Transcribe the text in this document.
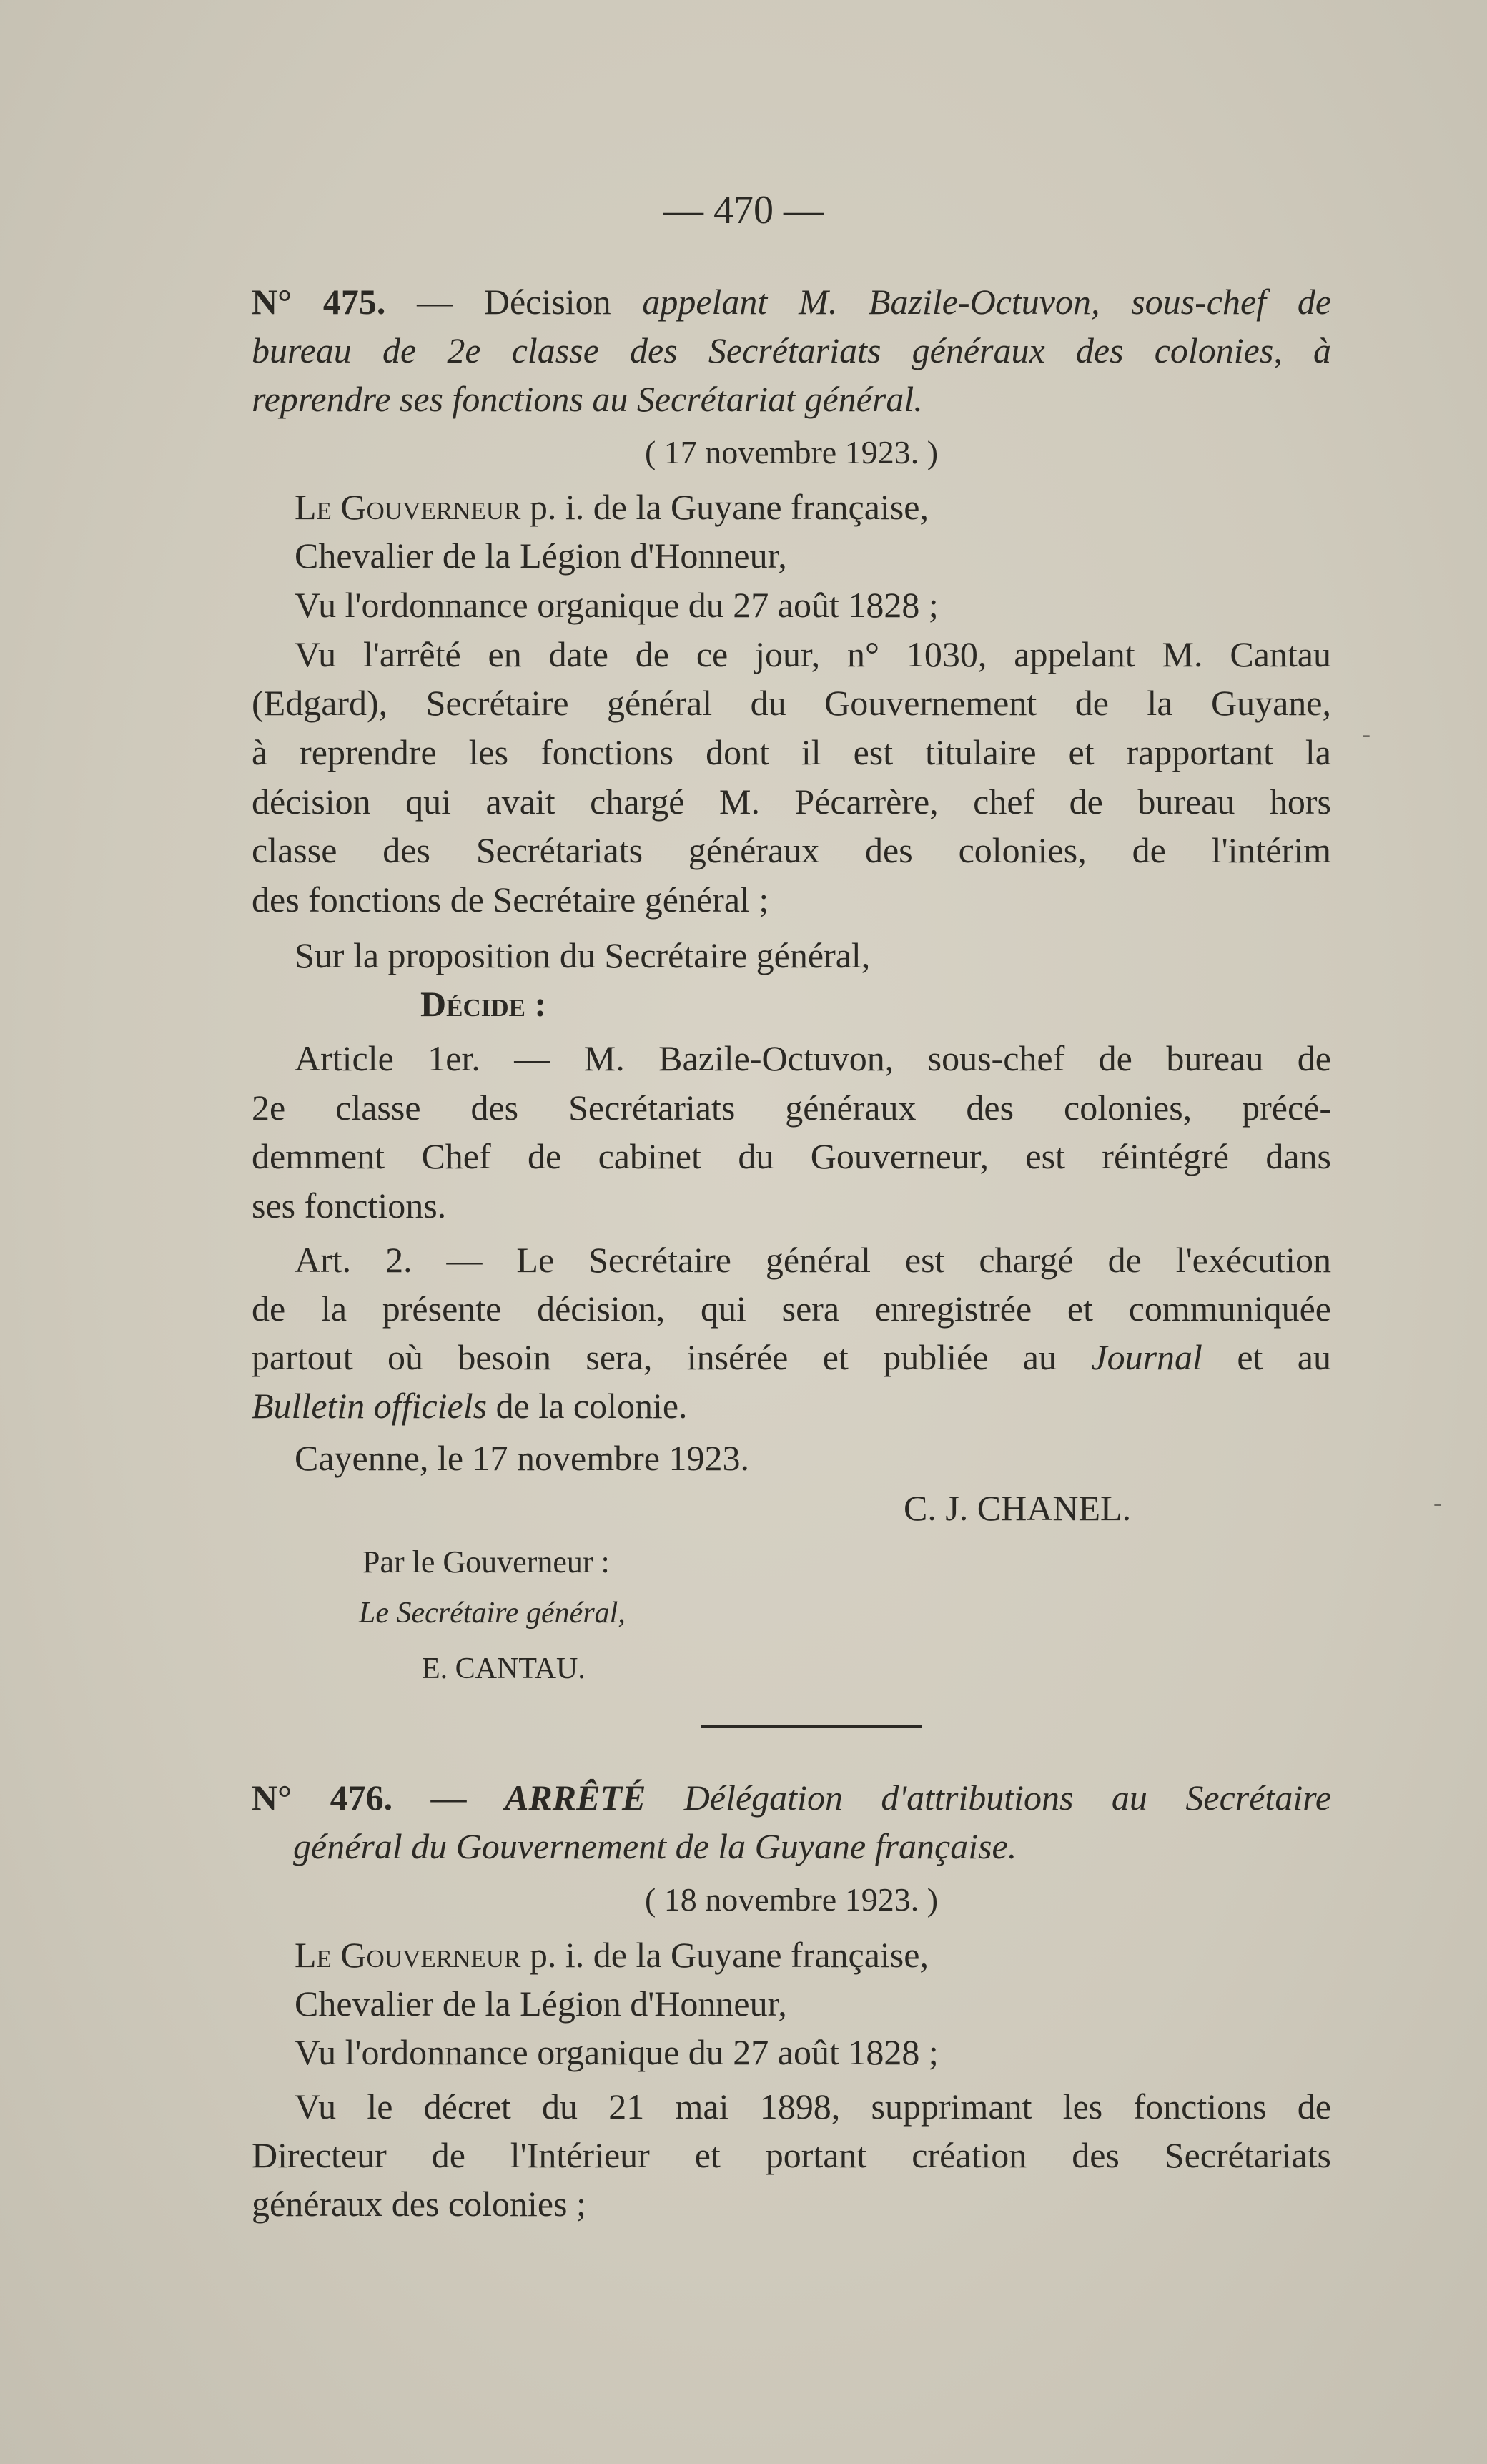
— 470 —
N° 475. — Décision appelant M. Bazile-Octuvon, sous-chef de
bureau de 2e classe des Secrétariats généraux des colonies, à
reprendre ses fonctions au Secrétariat général.
( 17 novembre 1923. )
Le Gouverneur p. i. de la Guyane française,
Chevalier de la Légion d'Honneur,
Vu l'ordonnance organique du 27 août 1828 ;
Vu l'arrêté en date de ce jour, n° 1030, appelant M. Cantau
(Edgard), Secrétaire général du Gouvernement de la Guyane,
à reprendre les fonctions dont il est titulaire et rapportant la
décision qui avait chargé M. Pécarrère, chef de bureau hors
classe des Secrétariats généraux des colonies, de l'intérim
des fonctions de Secrétaire général ;
Sur la proposition du Secrétaire général,
Décide :
Article 1er. — M. Bazile-Octuvon, sous-chef de bureau de
2e classe des Secrétariats généraux des colonies, précé-
demment Chef de cabinet du Gouverneur, est réintégré dans
ses fonctions.
Art. 2. — Le Secrétaire général est chargé de l'exécution
de la présente décision, qui sera enregistrée et communiquée
partout où besoin sera, insérée et publiée au Journal et au
Bulletin officiels de la colonie.
Cayenne, le 17 novembre 1923.
C. J. CHANEL.
Par le Gouverneur :
Le Secrétaire général,
E. CANTAU.
N° 476. — ARRÊTÉ Délégation d'attributions au Secrétaire
général du Gouvernement de la Guyane française.
( 18 novembre 1923. )
Le Gouverneur p. i. de la Guyane française,
Chevalier de la Légion d'Honneur,
Vu l'ordonnance organique du 27 août 1828 ;
Vu le décret du 21 mai 1898, supprimant les fonctions de
Directeur de l'Intérieur et portant création des Secrétariats
généraux des colonies ;
-
-
